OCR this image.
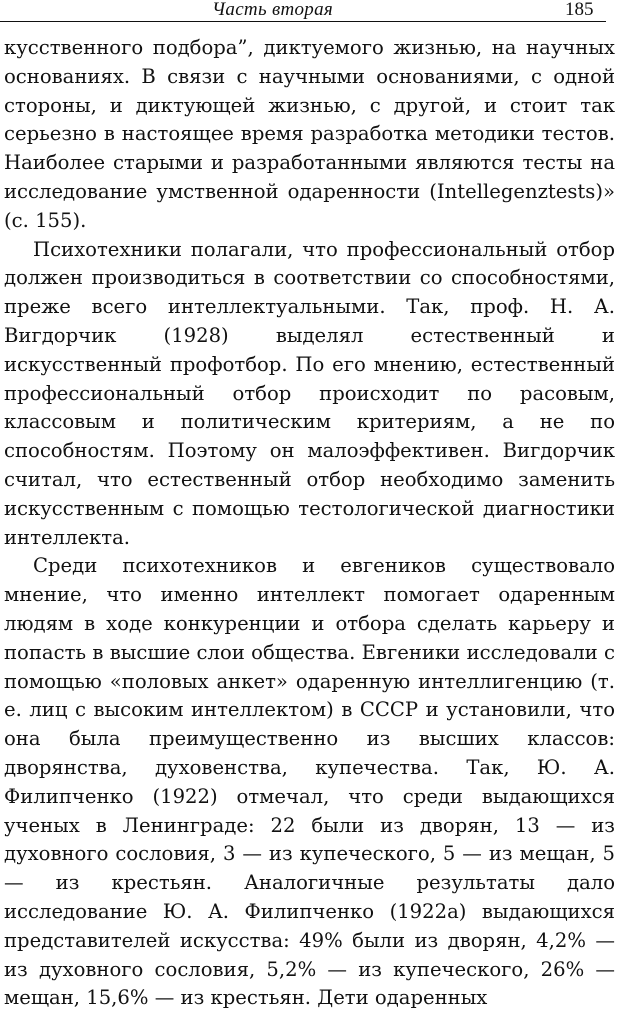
Часть вторая	185

кусственного подбора”, диктуемого жизнью, на научных основаниях. В связи с научными основаниями, с одной стороны, и диктующей жизнью, с другой, и стоит так серьезно в настоящее время разработка методики тестов. Наиболее старыми и разработанными являются тесты на исследование умственной одаренности (Intellegenztests)» (с. 155).

Психотехники полагали, что профессиональный отбор должен производиться в соответствии со способностями, преже всего интеллектуальными. Так, проф. Н. А. Вигдорчик (1928) выделял естественный и искусственный профотбор. По его мнению, естественный профессиональный отбор происходит по расовым, классовым и политическим критериям, а не по способностям. Поэтому он малоэффективен. Вигдорчик считал, что естественный отбор необходимо заменить искусственным с помощью тестологической диагностики интеллекта.

Среди психотехников и евгеников существовало мнение, что именно интеллект помогает одаренным людям в ходе конкуренции и отбора сделать карьеру и попасть в высшие слои общества. Евгеники исследовали с помощью «половых анкет» одаренную интеллигенцию (т. е. лиц с высоким интеллектом) в СССР и установили, что она была преимущественно из высших классов: дворянства, духовенства, купечества. Так, Ю. А. Филипченко (1922) отмечал, что среди выдающихся ученых в Ленинграде: 22 были из дворян, 13 — из духовного сословия, 3 — из купеческого, 5 — из мещан, 5 — из крестьян. Аналогичные результаты дало исследование Ю. А. Филипченко (1922а) выдающихся представителей искусства: 49% были из дворян, 4,2% — из духовного сословия, 5,2% — из купеческого, 26% — мещан, 15,6% — из крестьян. Дети одаренных
